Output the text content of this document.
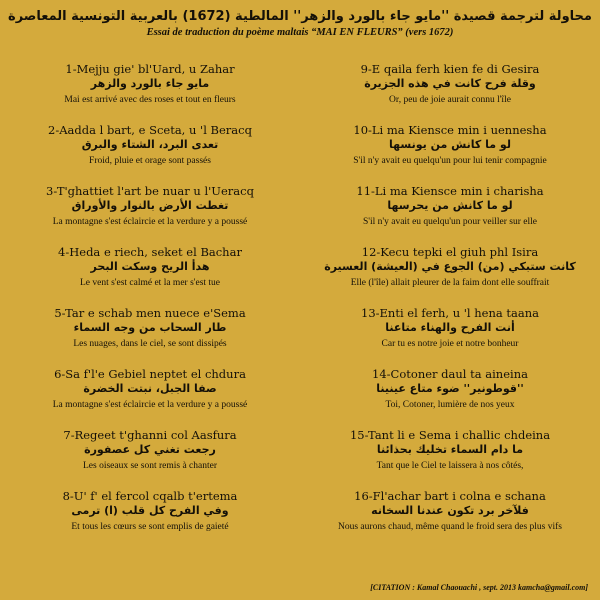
محاولة لترجمة قصيدة ''مايو جاء بالورد والزهر'' المالطية (1672) بالعربية التونسية المعاصرة
Essai de traduction du poème maltais “MAI EN FLEURS” (vers 1672)
1-Mejju gie' bl'Uard, u Zahar
مايو جاء بالورد والزهر
Mai est arrivé avec des roses et tout en fleurs
2-Aadda l bart, e Sceta, u 'l Beracq
تعدى البرد، الشتاء والبرق
Froid, pluie et orage sont passés
3-T'ghattiet l'art be nuar u l'Ueracq
تغطت الأرض بالنوار والأوراق
La montagne s'est éclaircie et la verdure y a poussé
4-Heda e riech, seket el Bachar
هدأ الريح وسكت البحر
Le vent s'est calmé et la mer s'est tue
5-Tar e schab men nuece e'Sema
طار السحاب من وجه السماء
Les nuages, dans le ciel, se sont dissipés
6-Sa f'l'e Gebiel neptet el chdura
صفا الجبل، نبتت الخضرة
La montagne s'est éclaircie et la verdure y a poussé
7-Regeet t'ghanni col Aasfura
رجعت تغني كل عصفورة
Les oiseaux se sont remis à chanter
8-U' f' el fercol cqalb t'ertema
وفي الفرح كل قلب (ا) ترمى
Et tous les cœurs se sont emplis de gaieté
9-E qaila ferh kien fe di Gesira
وقلة فرح كانت في هذه الجزيرة
Or, peu de joie aurait connu l'île
10-Li ma Kiensce min i uennesha
لو ما كانش من يونسها
S'il n'y avait eu quelqu'un pour lui tenir compagnie
11-Li ma Kiensce min i charisha
لو ما كانش من يحرسها
S'il n'y avait eu quelqu'un pour veiller sur elle
12-Kecu tepki el giuh phl Isira
كانت ستبكي (من) الجوع في (العيشة) العسيرة
Elle (l'île) allait pleurer de la faim dont elle souffrait
13-Enti el ferh, u 'l hena taana
أنت الفرح والهناء متاعنا
Car tu es notre joie et notre bonheur
14-Cotoner daul ta aineina
''قوطونير'' ضوء متاع عينينا
Toi, Cotoner, lumière de nos yeux
15-Tant li e Sema i challic chdeina
ما دام السماء تخليك بحذائنا
Tant que le Ciel te laissera à nos côtés,
16-Fl'achar bart i colna e schana
فلآخر برد تكون عندنا السخانه
Nous aurons chaud, même quand le froid sera des plus vifs
[CITATION : Kamal Chaouachi , sept. 2013 kamcha@gmail.com]
